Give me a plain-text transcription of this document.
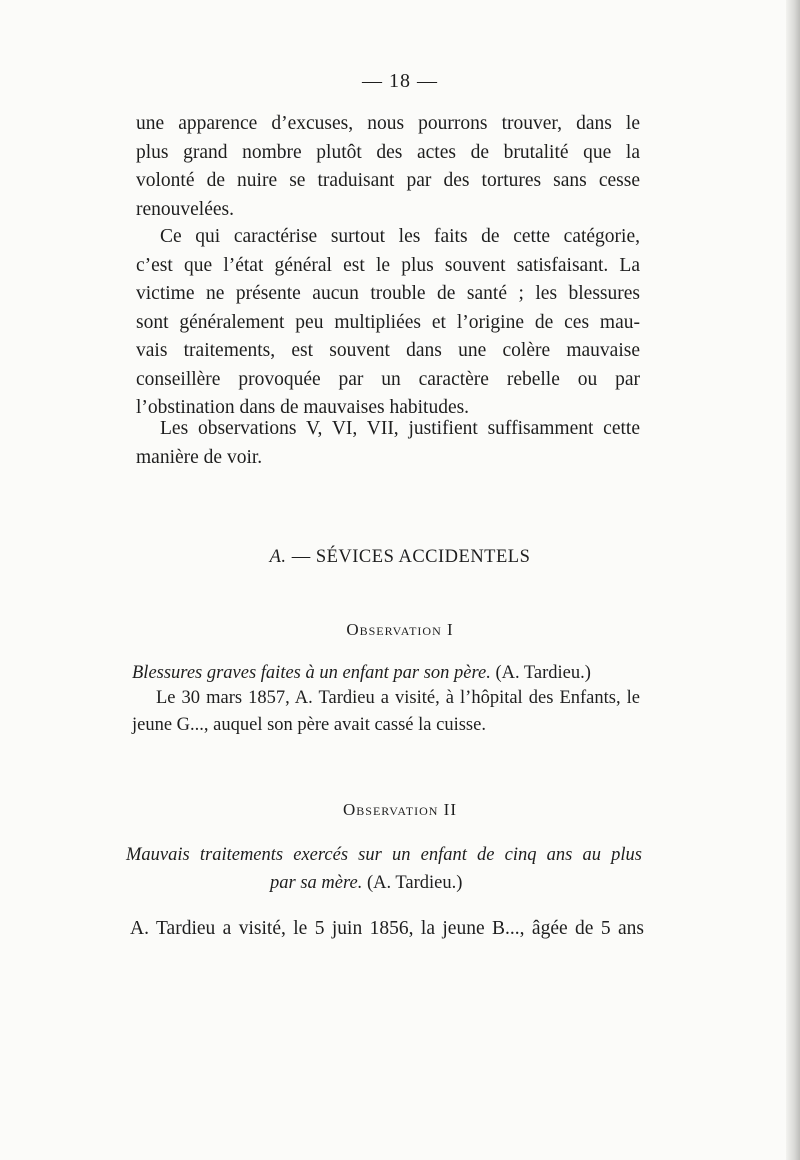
— 18 —

une apparence d’excuses, nous pourrons trouver, dans le
plus grand nombre plutôt des actes de brutalité que la
volonté de nuire se traduisant par des tortures sans cesse
renouvelées.

Ce qui caractérise surtout les faits de cette catégorie,
c’est que l’état général est le plus souvent satisfaisant. La
victime ne présente aucun trouble de santé ; les blessures
sont généralement peu multipliées et l’origine de ces mau-
vais traitements, est souvent dans une colère mauvaise
conseillère provoquée par un caractère rebelle ou par
l’obstination dans de mauvaises habitudes.

Les observations V, VI, VII, justifient suffisamment cette
manière de voir.

A. — SÉVICES ACCIDENTELS
Observation I
Blessures graves faites à un enfant par son père. (A. Tardieu.)
Le 30 mars 1857, A. Tardieu a visité, à l’hôpital des Enfants, le
jeune G..., auquel son père avait cassé la cuisse.
Observation II
Mauvais traitements exercés sur un enfant de cinq ans au plus
par sa mère. (A. Tardieu.)
A. Tardieu a visité, le 5 juin 1856, la jeune B..., âgée de 5 ans
